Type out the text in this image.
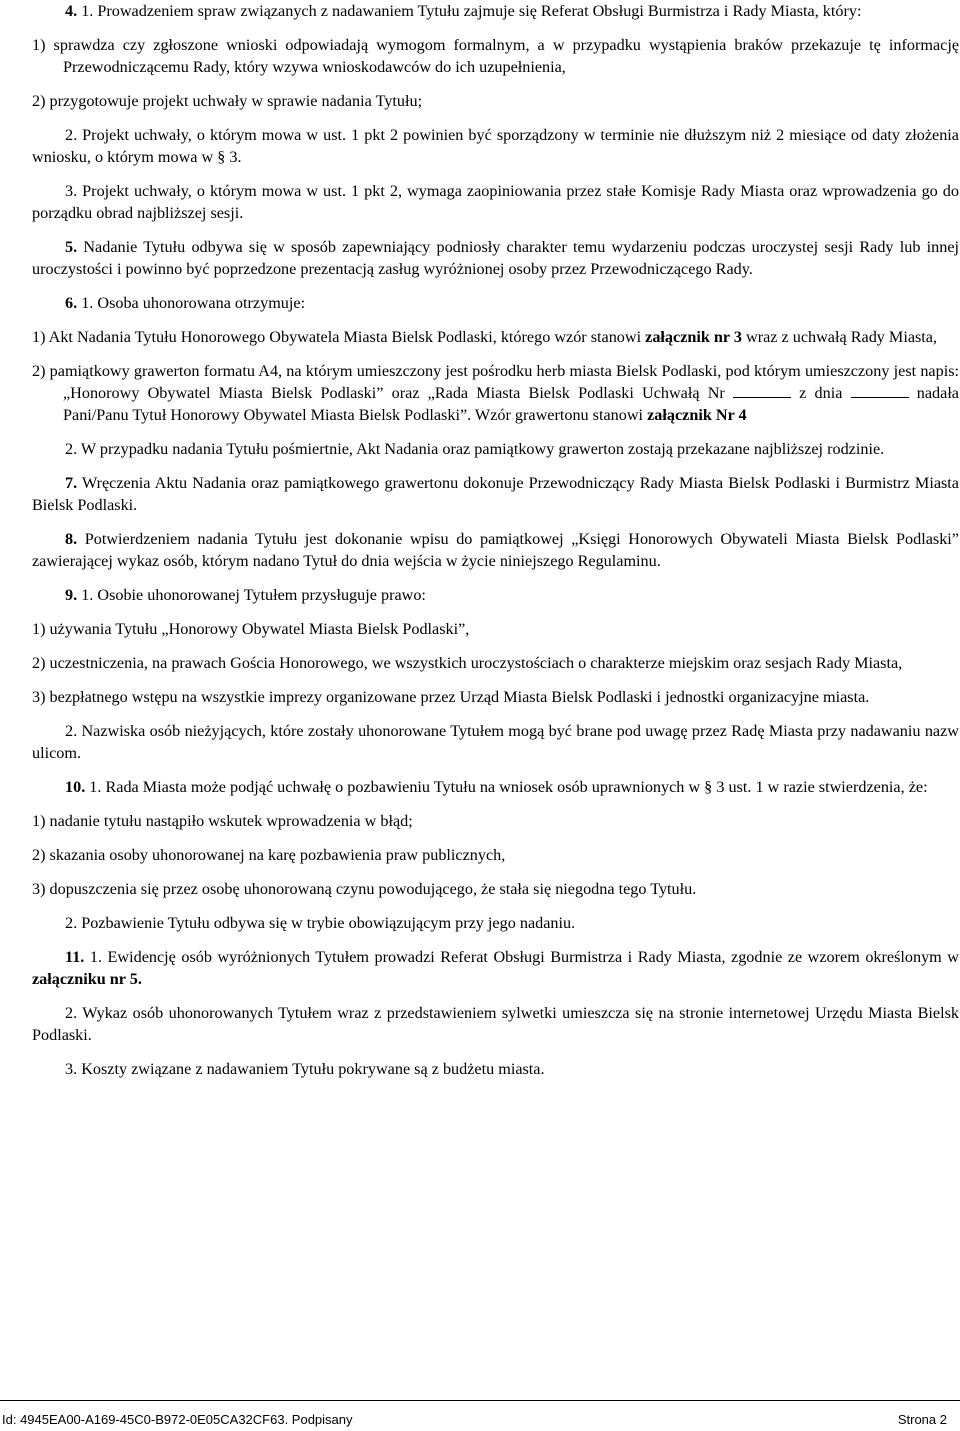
4. 1. Prowadzeniem spraw związanych z nadawaniem Tytułu zajmuje się Referat Obsługi Burmistrza i Rady Miasta, który:

1) sprawdza czy zgłoszone wnioski odpowiadają wymogom formalnym, a w przypadku wystąpienia braków przekazuje tę informację Przewodniczącemu Rady, który wzywa wnioskodawców do ich uzupełnienia,

2) przygotowuje projekt uchwały w sprawie nadania Tytułu;

2. Projekt uchwały, o którym mowa w ust. 1 pkt 2 powinien być sporządzony w terminie nie dłuższym niż 2 miesiące od daty złożenia wniosku, o którym mowa w § 3.

3. Projekt uchwały, o którym mowa w ust. 1 pkt 2, wymaga zaopiniowania przez stałe Komisje Rady Miasta oraz wprowadzenia go do porządku obrad najbliższej sesji.

5. Nadanie Tytułu odbywa się w sposób zapewniający podniosły charakter temu wydarzeniu podczas uroczystej sesji Rady lub innej uroczystości i powinno być poprzedzone prezentacją zasług wyróżnionej osoby przez Przewodniczącego Rady.

6. 1. Osoba uhonorowana otrzymuje:

1) Akt Nadania Tytułu Honorowego Obywatela Miasta Bielsk Podlaski, którego wzór stanowi załącznik nr 3 wraz z uchwałą Rady Miasta,

2) pamiątkowy grawerton formatu A4, na którym umieszczony jest pośrodku herb miasta Bielsk Podlaski, pod którym umieszczony jest napis: „Honorowy Obywatel Miasta Bielsk Podlaski” oraz „Rada Miasta Bielsk Podlaski Uchwałą Nr	z dnia	nadała Pani/Panu Tytuł Honorowy Obywatel Miasta Bielsk Podlaski”. Wzór grawertonu stanowi załącznik Nr 4

2. W przypadku nadania Tytułu pośmiertnie, Akt Nadania oraz pamiątkowy grawerton zostają przekazane najbliższej rodzinie.

7. Wręczenia Aktu Nadania oraz pamiątkowego grawertonu dokonuje Przewodniczący Rady Miasta Bielsk Podlaski i Burmistrz Miasta Bielsk Podlaski.

8. Potwierdzeniem nadania Tytułu jest dokonanie wpisu do pamiątkowej „Księgi Honorowych Obywateli Miasta Bielsk Podlaski” zawierającej wykaz osób, którym nadano Tytuł do dnia wejścia w życie niniejszego Regulaminu.

9. 1. Osobie uhonorowanej Tytułem przysługuje prawo:

1) używania Tytułu „Honorowy Obywatel Miasta Bielsk Podlaski”,

2) uczestniczenia, na prawach Gościa Honorowego, we wszystkich uroczystościach o charakterze miejskim oraz sesjach Rady Miasta,

3) bezpłatnego wstępu na wszystkie imprezy organizowane przez Urząd Miasta Bielsk Podlaski i jednostki organizacyjne miasta.

2. Nazwiska osób nieżyjących, które zostały uhonorowane Tytułem mogą być brane pod uwagę przez Radę Miasta przy nadawaniu nazw ulicom.

10. 1. Rada Miasta może podjąć uchwałę o pozbawieniu Tytułu na wniosek osób uprawnionych w § 3 ust. 1 w razie stwierdzenia, że:

1) nadanie tytułu nastąpiło wskutek wprowadzenia w błąd;

2) skazania osoby uhonorowanej na karę pozbawienia praw publicznych,

3) dopuszczenia się przez osobę uhonorowaną czynu powodującego, że stała się niegodna tego Tytułu.

2. Pozbawienie Tytułu odbywa się w trybie obowiązującym przy jego nadaniu.

11. 1. Ewidencję osób wyróżnionych Tytułem prowadzi Referat Obsługi Burmistrza i Rady Miasta, zgodnie ze wzorem określonym w załączniku nr 5.

2. Wykaz osób uhonorowanych Tytułem wraz z przedstawieniem sylwetki umieszcza się na stronie internetowej Urzędu Miasta Bielsk Podlaski.

3. Koszty związane z nadawaniem Tytułu pokrywane są z budżetu miasta.

Id: 4945EA00-A169-45C0-B972-0E05CA32CF63. Podpisany	Strona 2
